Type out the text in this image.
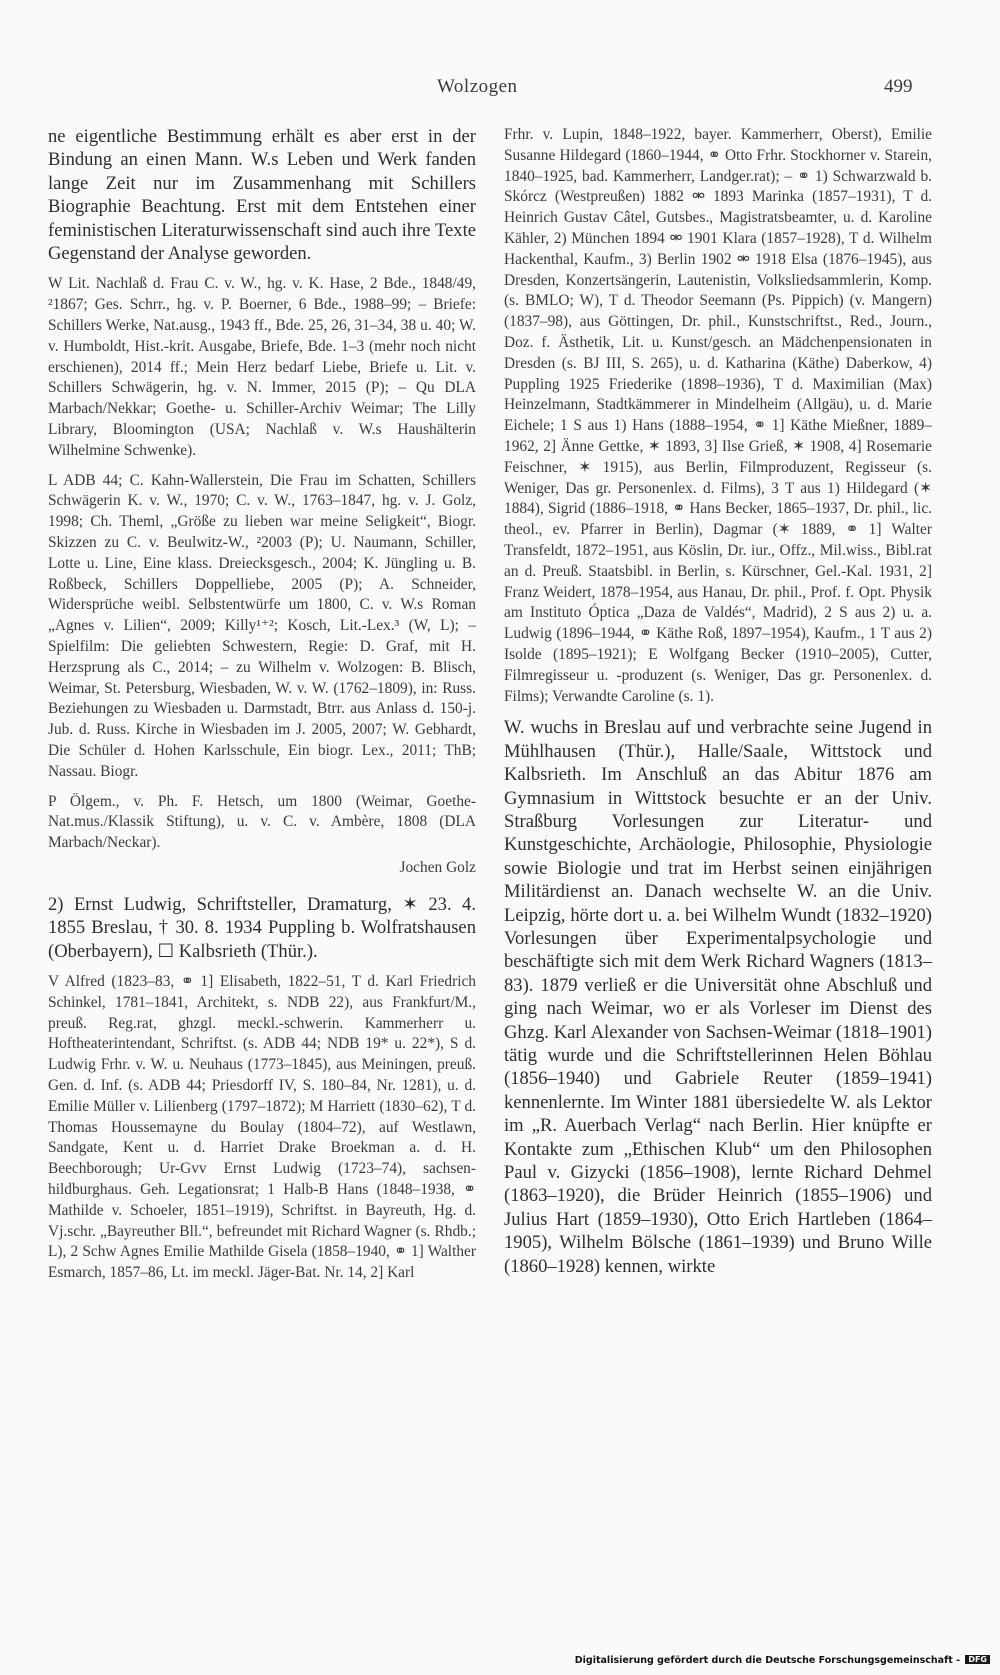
Wolzogen	499

ne eigentliche Bestimmung erhält es aber erst in der Bindung an einen Mann. W.s Leben und Werk fanden lange Zeit nur im Zusammenhang mit Schillers Biographie Beachtung. Erst mit dem Entstehen einer feministischen Literaturwissenschaft sind auch ihre Texte Gegenstand der Analyse geworden.

W Lit. Nachlaß d. Frau C. v. W., hg. v. K. Hase, 2 Bde., 1848/49, ²1867; Ges. Schrr., hg. v. P. Boerner, 6 Bde., 1988–99; – Briefe: Schillers Werke, Nat.ausg., 1943 ff., Bde. 25, 26, 31–34, 38 u. 40; W. v. Humboldt, Hist.-krit. Ausgabe, Briefe, Bde. 1–3 (mehr noch nicht erschienen), 2014 ff.; Mein Herz bedarf Liebe, Briefe u. Lit. v. Schillers Schwägerin, hg. v. N. Immer, 2015 (P); – Qu DLA Marbach/Nekkar; Goethe- u. Schiller-Archiv Weimar; The Lilly Library, Bloomington (USA; Nachlaß v. W.s Haushälterin Wilhelmine Schwenke).

L ADB 44; C. Kahn-Wallerstein, Die Frau im Schatten, Schillers Schwägerin K. v. W., 1970; C. v. W., 1763–1847, hg. v. J. Golz, 1998; Ch. Theml, „Größe zu lieben war meine Seligkeit“, Biogr. Skizzen zu C. v. Beulwitz-W., ²2003 (P); U. Naumann, Schiller, Lotte u. Line, Eine klass. Dreiecksgesch., 2004; K. Jüngling u. B. Roßbeck, Schillers Doppelliebe, 2005 (P); A. Schneider, Widersprüche weibl. Selbstentwürfe um 1800, C. v. W.s Roman „Agnes v. Lilien“, 2009; Killy¹⁺²; Kosch, Lit.-Lex.³ (W, L); – Spielfilm: Die geliebten Schwestern, Regie: D. Graf, mit H. Herzsprung als C., 2014; – zu Wilhelm v. Wolzogen: B. Blisch, Weimar, St. Petersburg, Wiesbaden, W. v. W. (1762–1809), in: Russ. Beziehungen zu Wiesbaden u. Darmstadt, Btrr. aus Anlass d. 150-j. Jub. d. Russ. Kirche in Wiesbaden im J. 2005, 2007; W. Gebhardt, Die Schüler d. Hohen Karlsschule, Ein biogr. Lex., 2011; ThB; Nassau. Biogr.

P Ölgem., v. Ph. F. Hetsch, um 1800 (Weimar, Goethe-Nat.mus./Klassik Stiftung), u. v. C. v. Ambère, 1808 (DLA Marbach/Neckar).

Jochen Golz

2) Ernst Ludwig, Schriftsteller, Dramaturg, ✶ 23. 4. 1855 Breslau, † 30. 8. 1934 Puppling b. Wolfratshausen (Oberbayern), ☐ Kalbsrieth (Thür.).

V Alfred (1823–83, ⚭ 1] Elisabeth, 1822–51, T d. Karl Friedrich Schinkel, 1781–1841, Architekt, s. NDB 22), aus Frankfurt/M., preuß. Reg.rat, ghzgl. meckl.-schwerin. Kammerherr u. Hoftheaterintendant, Schriftst. (s. ADB 44; NDB 19* u. 22*), S d. Ludwig Frhr. v. W. u. Neuhaus (1773–1845), aus Meiningen, preuß. Gen. d. Inf. (s. ADB 44; Priesdorff IV, S. 180–84, Nr. 1281), u. d. Emilie Müller v. Lilienberg (1797–1872); M Harriett (1830–62), T d. Thomas Houssemayne du Boulay (1804–72), auf Westlawn, Sandgate, Kent u. d. Harriet Drake Broekman a. d. H. Beechborough; Ur-Gvv Ernst Ludwig (1723–74), sachsen-hildburghaus. Geh. Legationsrat; 1 Halb-B Hans (1848–1938, ⚭ Mathilde v. Schoeler, 1851–1919), Schriftst. in Bayreuth, Hg. d. Vj.schr. „Bayreuther Bll.“, befreundet mit Richard Wagner (s. Rhdb.; L), 2 Schw Agnes Emilie Mathilde Gisela (1858–1940, ⚭ 1] Walther Esmarch, 1857–86, Lt. im meckl. Jäger-Bat. Nr. 14, 2] Karl

Frhr. v. Lupin, 1848–1922, bayer. Kammerherr, Oberst), Emilie Susanne Hildegard (1860–1944, ⚭ Otto Frhr. Stockhorner v. Starein, 1840–1925, bad. Kammerherr, Landger.rat); – ⚭ 1) Schwarzwald b. Skórcz (Westpreußen) 1882 ⚮ 1893 Marinka (1857–1931), T d. Heinrich Gustav Câtel, Gutsbes., Magistratsbeamter, u. d. Karoline Kähler, 2) München 1894 ⚮ 1901 Klara (1857–1928), T d. Wilhelm Hackenthal, Kaufm., 3) Berlin 1902 ⚮ 1918 Elsa (1876–1945), aus Dresden, Konzertsängerin, Lautenistin, Volksliedsammlerin, Komp. (s. BMLO; W), T d. Theodor Seemann (Ps. Pippich) (v. Mangern) (1837–98), aus Göttingen, Dr. phil., Kunstschriftst., Red., Journ., Doz. f. Ästhetik, Lit. u. Kunst/gesch. an Mädchenpensionaten in Dresden (s. BJ III, S. 265), u. d. Katharina (Käthe) Daberkow, 4) Puppling 1925 Friederike (1898–1936), T d. Maximilian (Max) Heinzelmann, Stadtkämmerer in Mindelheim (Allgäu), u. d. Marie Eichele; 1 S aus 1) Hans (1888–1954, ⚭ 1] Käthe Mießner, 1889–1962, 2] Änne Gettke, ✶ 1893, 3] Ilse Grieß, ✶ 1908, 4] Rosemarie Feischner, ✶ 1915), aus Berlin, Filmproduzent, Regisseur (s. Weniger, Das gr. Personenlex. d. Films), 3 T aus 1) Hildegard (✶ 1884), Sigrid (1886–1918, ⚭ Hans Becker, 1865–1937, Dr. phil., lic. theol., ev. Pfarrer in Berlin), Dagmar (✶ 1889, ⚭ 1] Walter Transfeldt, 1872–1951, aus Köslin, Dr. iur., Offz., Mil.wiss., Bibl.rat an d. Preuß. Staatsbibl. in Berlin, s. Kürschner, Gel.-Kal. 1931, 2] Franz Weidert, 1878–1954, aus Hanau, Dr. phil., Prof. f. Opt. Physik am Instituto Óptica „Daza de Valdés“, Madrid), 2 S aus 2) u. a. Ludwig (1896–1944, ⚭ Käthe Roß, 1897–1954), Kaufm., 1 T aus 2) Isolde (1895–1921); E Wolfgang Becker (1910–2005), Cutter, Filmregisseur u. -produzent (s. Weniger, Das gr. Personenlex. d. Films); Verwandte Caroline (s. 1).

W. wuchs in Breslau auf und verbrachte seine Jugend in Mühlhausen (Thür.), Halle/Saale, Wittstock und Kalbsrieth. Im Anschluß an das Abitur 1876 am Gymnasium in Wittstock besuchte er an der Univ. Straßburg Vorlesungen zur Literatur- und Kunstgeschichte, Archäologie, Philosophie, Physiologie sowie Biologie und trat im Herbst seinen einjährigen Militärdienst an. Danach wechselte W. an die Univ. Leipzig, hörte dort u. a. bei Wilhelm Wundt (1832–1920) Vorlesungen über Experimentalpsychologie und beschäftigte sich mit dem Werk Richard Wagners (1813–83). 1879 verließ er die Universität ohne Abschluß und ging nach Weimar, wo er als Vorleser im Dienst des Ghzg. Karl Alexander von Sachsen-Weimar (1818–1901) tätig wurde und die Schriftstellerinnen Helen Böhlau (1856–1940) und Gabriele Reuter (1859–1941) kennenlernte. Im Winter 1881 übersiedelte W. als Lektor im „R. Auerbach Verlag“ nach Berlin. Hier knüpfte er Kontakte zum „Ethischen Klub“ um den Philosophen Paul v. Gizycki (1856–1908), lernte Richard Dehmel (1863–1920), die Brüder Heinrich (1855–1906) und Julius Hart (1859–1930), Otto Erich Hartleben (1864–1905), Wilhelm Bölsche (1861–1939) und Bruno Wille (1860–1928) kennen, wirkte

Digitalisierung gefördert durch die Deutsche Forschungsgemeinschaft - DFG
